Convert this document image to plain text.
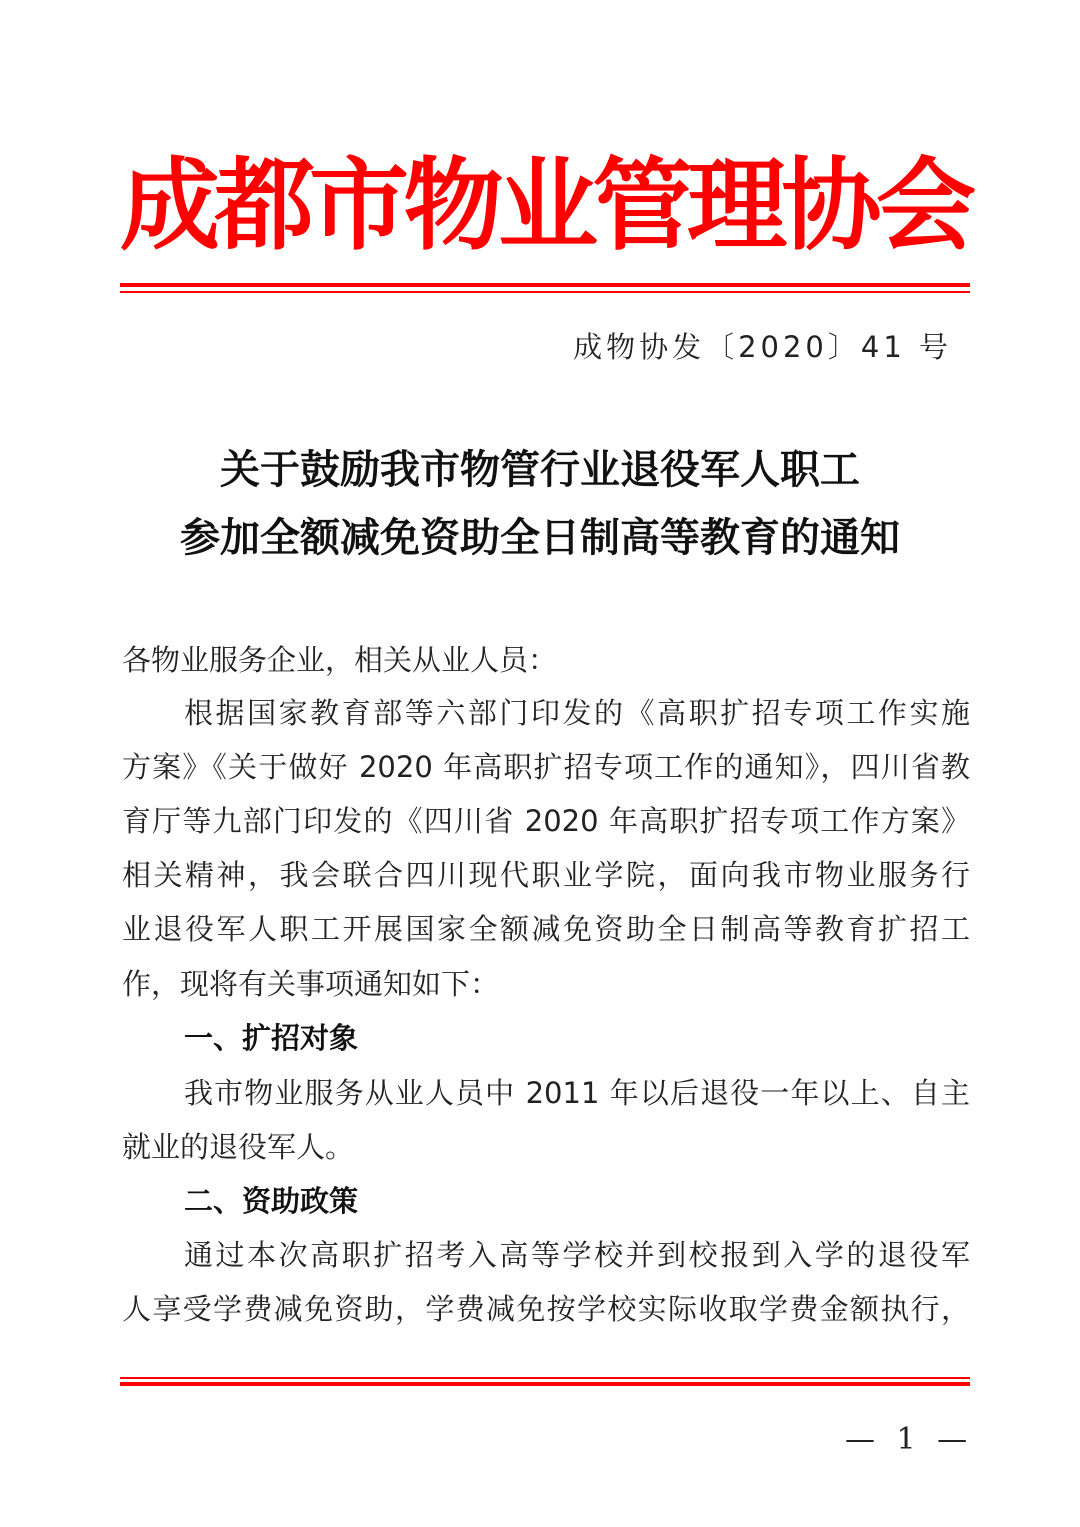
成
都
市
物
业
管
理
协
会
成物协发〔2020〕41 号
关于鼓励我市物管行业退役军人职工
参加全额减免资助全日制高等教育的通知
各物业服务企业，相关从业人员：
根据国家教育部等六部门印发的《高职扩招专项工作实施
方案》《关于做好 2020 年高职扩招专项工作的通知》，四川省教
育厅等九部门印发的《四川省 2020 年高职扩招专项工作方案》
相关精神，我会联合四川现代职业学院，面向我市物业服务行
业退役军人职工开展国家全额减免资助全日制高等教育扩招工
作，现将有关事项通知如下：
一、扩招对象
我市物业服务从业人员中 2011 年以后退役一年以上、自主
就业的退役军人。
二、资助政策
通过本次高职扩招考入高等学校并到校报到入学的退役军
人享受学费减免资助，学费减免按学校实际收取学费金额执行，
— 1 —
